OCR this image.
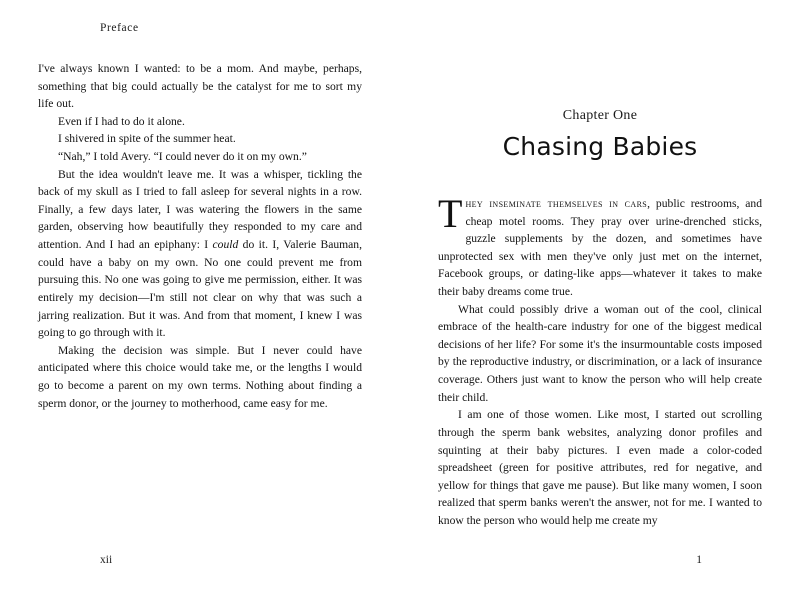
Preface

I've always known I wanted: to be a mom. And maybe, perhaps, something that big could actually be the catalyst for me to sort my life out.

Even if I had to do it alone.

I shivered in spite of the summer heat.

“Nah,” I told Avery. “I could never do it on my own.”

But the idea wouldn't leave me. It was a whisper, tickling the back of my skull as I tried to fall asleep for several nights in a row. Finally, a few days later, I was watering the flowers in the same garden, observing how beautifully they responded to my care and attention. And I had an epiphany: I could do it. I, Valerie Bauman, could have a baby on my own. No one could prevent me from pursuing this. No one was going to give me permission, either. It was entirely my decision—I'm still not clear on why that was such a jarring realization. But it was. And from that moment, I knew I was going to go through with it.

Making the decision was simple. But I never could have anticipated where this choice would take me, or the lengths I would go to become a parent on my own terms. Nothing about finding a sperm donor, or the journey to motherhood, came easy for me.

xii
Chapter One
Chasing Babies

They inseminate themselves in cars, public restrooms, and cheap motel rooms. They pray over urine-drenched sticks, guzzle supplements by the dozen, and sometimes have unprotected sex with men they've only just met on the internet, Facebook groups, or dating-like apps—whatever it takes to make their baby dreams come true.

What could possibly drive a woman out of the cool, clinical embrace of the health-care industry for one of the biggest medical decisions of her life? For some it's the insurmountable costs imposed by the reproductive industry, or discrimination, or a lack of insurance coverage. Others just want to know the person who will help create their child.

I am one of those women. Like most, I started out scrolling through the sperm bank websites, analyzing donor profiles and squinting at their baby pictures. I even made a color-coded spreadsheet (green for positive attributes, red for negative, and yellow for things that gave me pause). But like many women, I soon realized that sperm banks weren't the answer, not for me. I wanted to know the person who would help me create my

1
